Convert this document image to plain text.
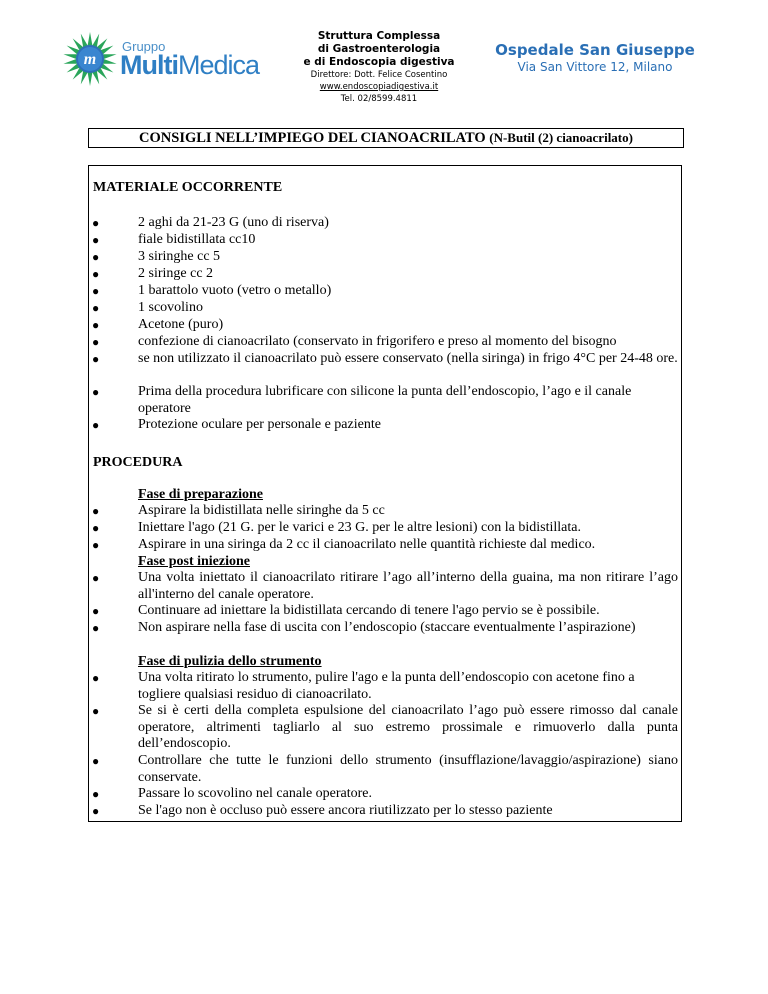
m
Gruppo
MultiMedica
Struttura Complessa
di Gastroenterologia
e di Endoscopia digestiva
Direttore: Dott. Felice Cosentino
www.endoscopiadigestiva.it
Tel. 02/8599.4811
Ospedale San Giuseppe
Via San Vittore 12, Milano
CONSIGLI NELL’IMPIEGO DEL CIANOACRILATO (N-Butil (2) cianoacrilato)
MATERIALE OCCORRENTE
●	2 aghi da 21-23 G (uno di riserva)
●	fiale bidistillata cc10
●	3 siringhe cc 5
●	2 siringe cc 2
●	1 barattolo vuoto (vetro o metallo)
●	1 scovolino
●	Acetone (puro)
●	confezione di cianoacrilato (conservato in frigorifero e preso al momento del bisogno
●	se non utilizzato il cianoacrilato può essere conservato (nella siringa) in frigo 4°C per 24-48 ore.
●	Prima della procedura lubrificare con silicone la punta dell’endoscopio, l’ago e il canale operatore
●	Protezione oculare per personale e paziente
PROCEDURA
Fase di preparazione
●	Aspirare la bidistillata nelle siringhe da 5 cc
●	Iniettare l'ago (21 G. per le varici e 23 G. per le altre lesioni) con la bidistillata.
●	Aspirare in una siringa da 2 cc il cianoacrilato nelle quantità richieste dal medico.
Fase post iniezione
●	Una volta iniettato il cianoacrilato ritirare l’ago all’interno della guaina, ma non ritirare l’ago all'interno del canale operatore.
●	Continuare ad iniettare la bidistillata cercando di tenere l'ago pervio se è possibile.
●	Non aspirare nella fase di uscita con l’endoscopio (staccare eventualmente l’aspirazione)
Fase di pulizia dello strumento
●	Una volta ritirato lo strumento, pulire l'ago e la punta dell’endoscopio con acetone fino a togliere qualsiasi residuo di cianoacrilato.
●	Se si è certi della completa espulsione del cianoacrilato l’ago può essere rimosso dal canale operatore, altrimenti tagliarlo al suo estremo prossimale e rimuoverlo dalla punta dell’endoscopio.
●	Controllare che tutte le funzioni dello strumento (insufflazione/lavaggio/aspirazione) siano conservate.
●	Passare lo scovolino nel canale operatore.
●	Se l'ago non è occluso può essere ancora riutilizzato per lo stesso paziente
